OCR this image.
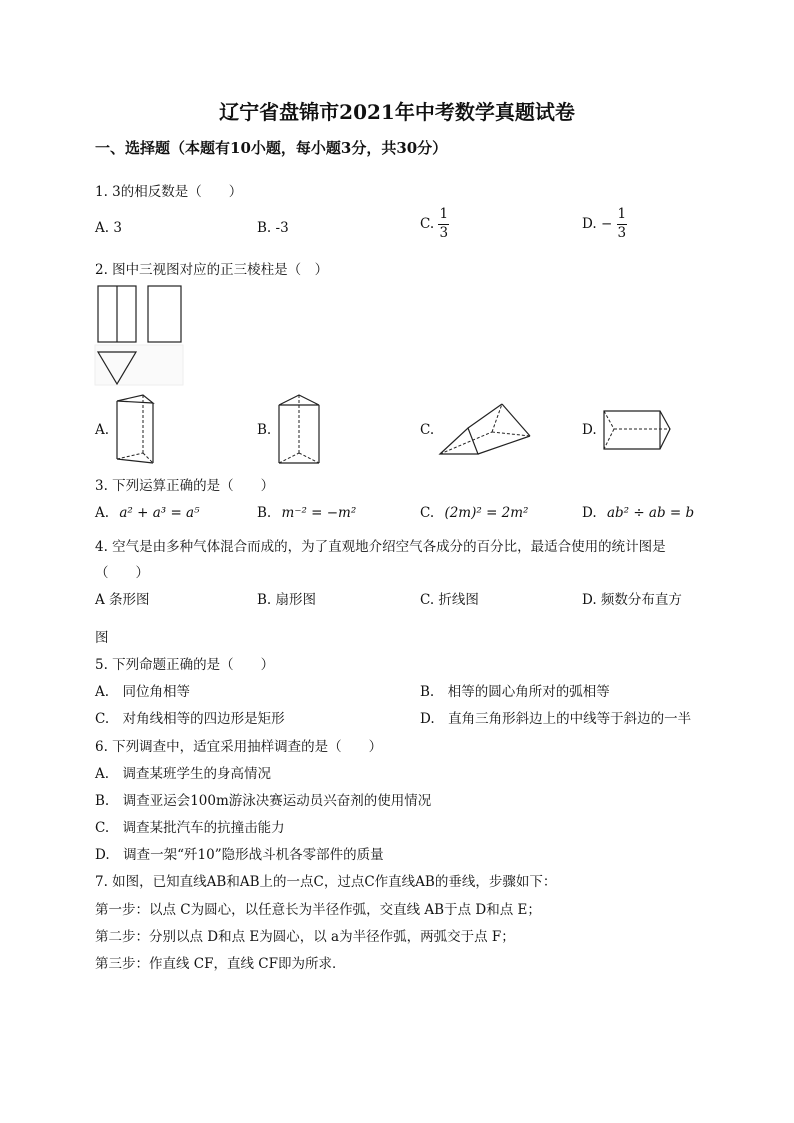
辽宁省盘锦市2021年中考数学真题试卷
一、选择题（本题有10小题，每小题3分，共30分）
1. 3的相反数是（　　）
A. 3	B. -3	C. $\frac{1}{3}$	D. − $\frac{1}{3}$
2. 图中三视图对应的正三棱柱是（　）
A.	B.	C.	D.
3. 下列运算正确的是（　　）
A. a² + a³ = a⁵	B. m⁻² = −m²	C. (2m)² = 2m²	D. ab² ÷ ab = b
4. 空气是由多种气体混合而成的，为了直观地介绍空气各成分的百分比，最适合使用的统计图是
（　　）
A 条形图	B. 扇形图	C. 折线图	D. 频数分布直方
图
5. 下列命题正确的是（　　）
A.　同位角相等	B.　相等的圆心角所对的弧相等
C.　对角线相等的四边形是矩形	D.　直角三角形斜边上的中线等于斜边的一半
6. 下列调查中，适宜采用抽样调查的是（　　）
A.　调查某班学生的身高情况
B.　调查亚运会100m游泳决赛运动员兴奋剂的使用情况
C.　调查某批汽车的抗撞击能力
D.　调查一架“歼10”隐形战斗机各零部件的质量
7. 如图，已知直线AB和AB上的一点C，过点C作直线AB的垂线，步骤如下：
第一步：以点 C为圆心，以任意长为半径作弧，交直线 AB于点 D和点 E；
第二步：分别以点 D和点 E为圆心，以 a为半径作弧，两弧交于点 F；
第三步：作直线 CF，直线 CF即为所求．
